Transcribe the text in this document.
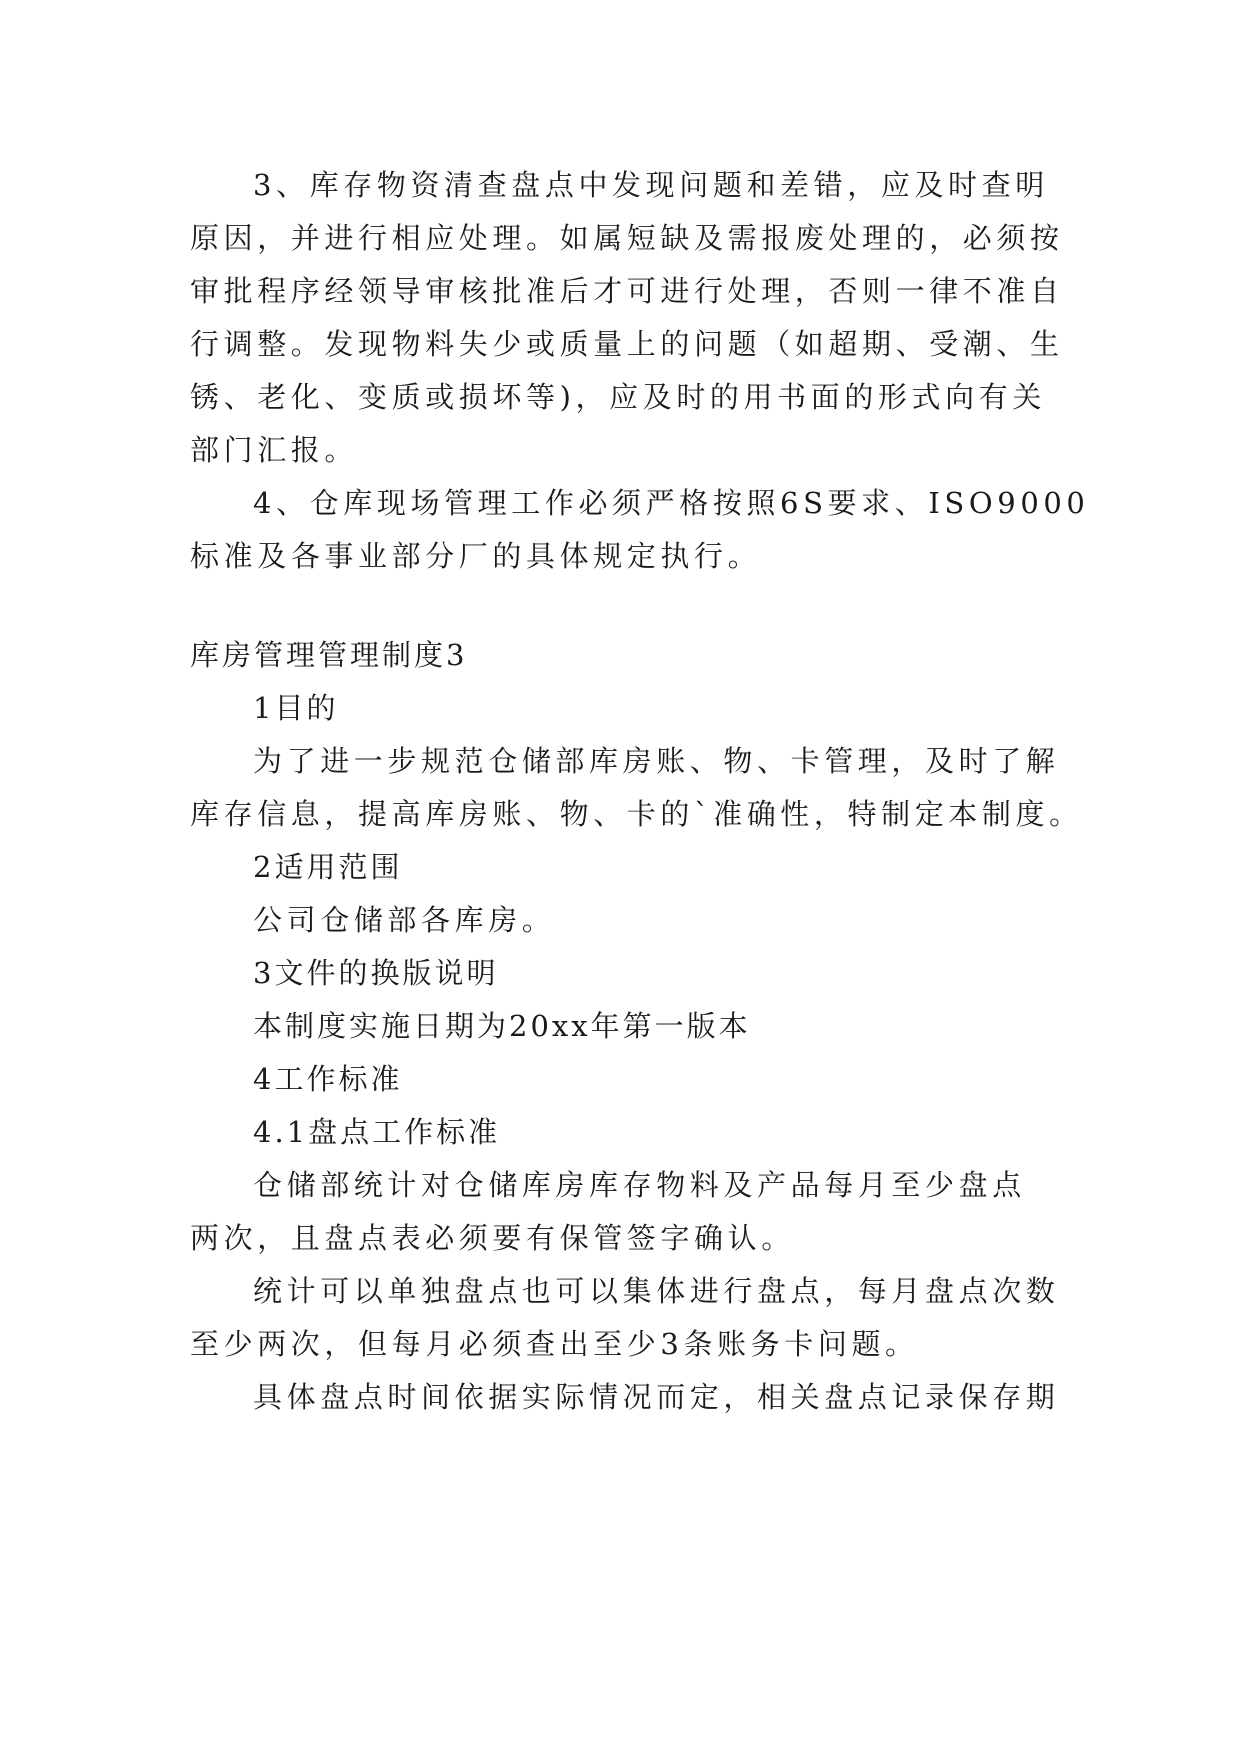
3、库存物资清查盘点中发现问题和差错，应及时查明

原因，并进行相应处理。如属短缺及需报废处理的，必须按

审批程序经领导审核批准后才可进行处理，否则一律不准自

行调整。发现物料失少或质量上的问题（如超期、受潮、生

锈、老化、变质或损坏等)，应及时的用书面的形式向有关

部门汇报。

4、仓库现场管理工作必须严格按照6S要求、ISO9000

标准及各事业部分厂的具体规定执行。

库房管理管理制度3

1目的

为了进一步规范仓储部库房账、物、卡管理，及时了解

库存信息，提高库房账、物、卡的`准确性，特制定本制度。

2适用范围

公司仓储部各库房。

3文件的换版说明

本制度实施日期为20xx年第一版本

4工作标准

4.1盘点工作标准

仓储部统计对仓储库房库存物料及产品每月至少盘点

两次，且盘点表必须要有保管签字确认。

统计可以单独盘点也可以集体进行盘点，每月盘点次数

至少两次，但每月必须查出至少3条账务卡问题。

具体盘点时间依据实际情况而定，相关盘点记录保存期
